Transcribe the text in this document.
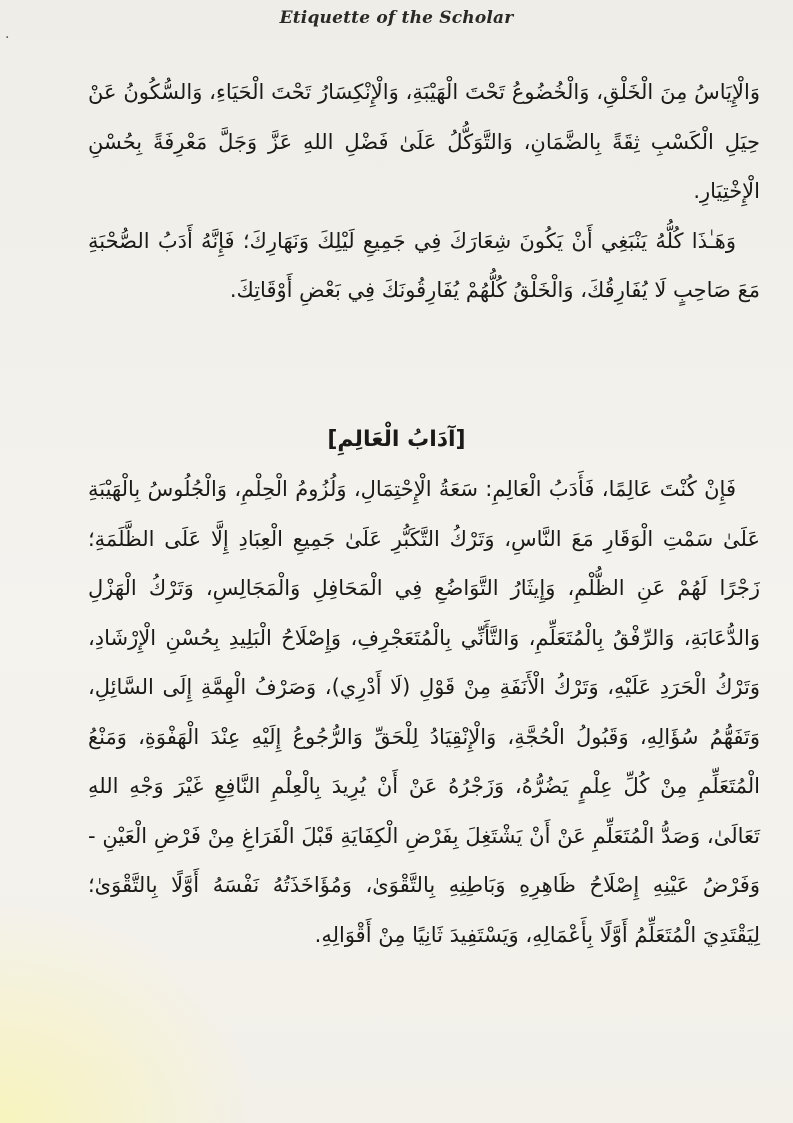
·
Etiquette of the Scholar

وَالْإِيَاسُ مِنَ الْخَلْقِ، وَالْخُضُوعُ تَحْتَ الْهَيْبَةِ، وَالْإِنْكِسَارُ تَحْتَ الْحَيَاءِ، وَالسُّكُونُ عَنْ حِيَلِ الْكَسْبِ ثِقَةً بِالضَّمَانِ، وَالتَّوَكُّلُ عَلَىٰ فَضْلِ اللهِ عَزَّ وَجَلَّ مَعْرِفَةً بِحُسْنِ الْإِخْتِيَارِ.

وَهَـٰذَا كُلُّهُ يَنْبَغِي أَنْ يَكُونَ شِعَارَكَ فِي جَمِيعِ لَيْلِكَ وَنَهَارِكَ؛ فَإِنَّهُ أَدَبُ الصُّحْبَةِ مَعَ صَاحِبٍ لَا يُفَارِقُكَ، وَالْخَلْقُ كُلُّهُمْ يُفَارِقُونَكَ فِي بَعْضِ أَوْقَاتِكَ.

[آدَابُ الْعَالِمِ]

فَإِنْ كُنْتَ عَالِمًا، فَأَدَبُ الْعَالِمِ: سَعَةُ الْإِحْتِمَالِ، وَلُزُومُ الْحِلْمِ، وَالْجُلُوسُ بِالْهَيْبَةِ عَلَىٰ سَمْتِ الْوَقَارِ مَعَ النَّاسِ، وَتَرْكُ التَّكَبُّرِ عَلَىٰ جَمِيعِ الْعِبَادِ إِلَّا عَلَى الظَّلَمَةِ؛ زَجْرًا لَهُمْ عَنِ الظُّلْمِ، وَإِيثَارُ التَّوَاضُعِ فِي الْمَحَافِلِ وَالْمَجَالِسِ، وَتَرْكُ الْهَزْلِ وَالدُّعَابَةِ، وَالرِّفْقُ بِالْمُتَعَلِّمِ، وَالتَّأَنِّي بِالْمُتَعَجْرِفِ، وَإِصْلَاحُ الْبَلِيدِ بِحُسْنِ الْإِرْشَادِ، وَتَرْكُ الْحَرَدِ عَلَيْهِ، وَتَرْكُ الْأَنَفَةِ مِنْ قَوْلِ (لَا أَدْرِي)، وَصَرْفُ الْهِمَّةِ إِلَى السَّائِلِ، وَتَفَهُّمُ سُؤَالِهِ، وَقَبُولُ الْحُجَّةِ، وَالْإِنْقِيَادُ لِلْحَقِّ وَالرُّجُوعُ إِلَيْهِ عِنْدَ الْهَفْوَةِ، وَمَنْعُ الْمُتَعَلِّمِ مِنْ كُلِّ عِلْمٍ يَضُرُّهُ، وَزَجْرُهُ عَنْ أَنْ يُرِيدَ بِالْعِلْمِ النَّافِعِ غَيْرَ وَجْهِ اللهِ تَعَالَىٰ، وَصَدُّ الْمُتَعَلِّمِ عَنْ أَنْ يَشْتَغِلَ بِفَرْضِ الْكِفَايَةِ قَبْلَ الْفَرَاغِ مِنْ فَرْضِ الْعَيْنِ - وَفَرْضُ عَيْنِهِ إِصْلَاحُ ظَاهِرِهِ وَبَاطِنِهِ بِالتَّقْوَىٰ، وَمُؤَاخَذَتُهُ نَفْسَهُ أَوَّلًا بِالتَّقْوَىٰ؛ لِيَقْتَدِيَ الْمُتَعَلِّمُ أَوَّلًا بِأَعْمَالِهِ، وَيَسْتَفِيدَ ثَانِيًا مِنْ أَقْوَالِهِ.
